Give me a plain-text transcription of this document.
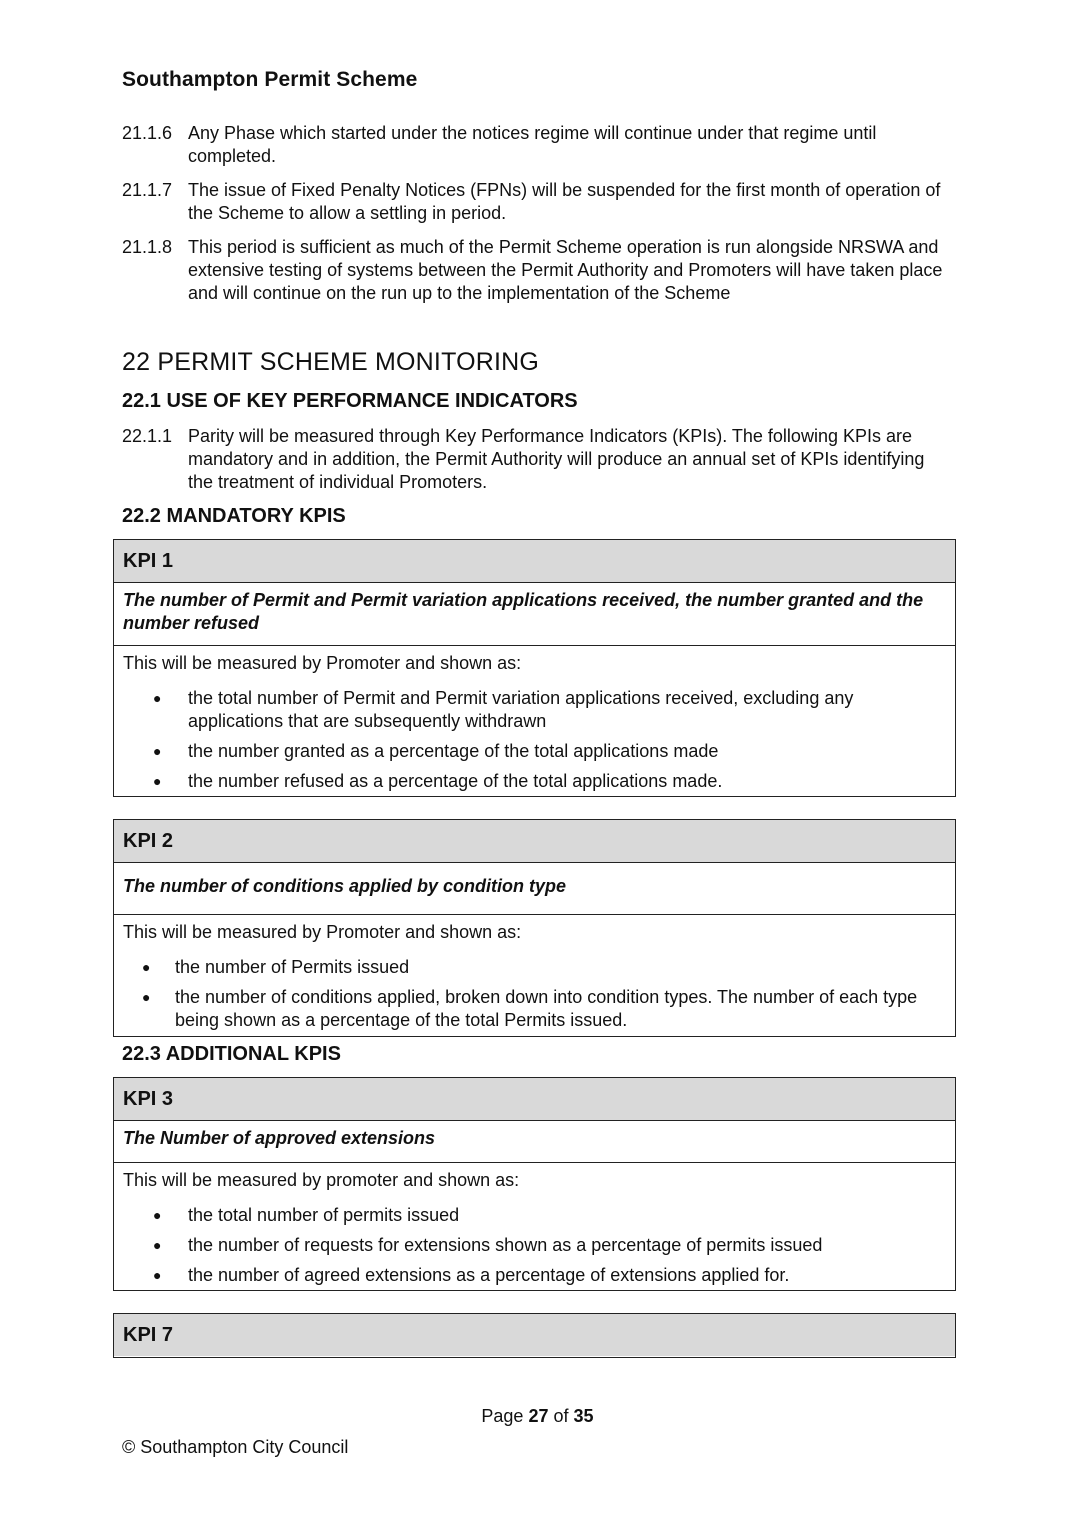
Southampton Permit Scheme
21.1.6 Any Phase which started under the notices regime will continue under that regime until completed.
21.1.7 The issue of Fixed Penalty Notices (FPNs) will be suspended for the first month of operation of the Scheme to allow a settling in period.
21.1.8 This period is sufficient as much of the Permit Scheme operation is run alongside NRSWA and extensive testing of systems between the Permit Authority and Promoters will have taken place and will continue on the run up to the implementation of the Scheme
22 PERMIT SCHEME MONITORING
22.1 USE OF KEY PERFORMANCE INDICATORS
22.1.1 Parity will be measured through Key Performance Indicators (KPIs). The following KPIs are mandatory and in addition, the Permit Authority will produce an annual set of KPIs identifying the treatment of individual Promoters.
22.2 MANDATORY KPIS
KPI 1
The number of Permit and Permit variation applications received, the number granted and the number refused
This will be measured by Promoter and shown as:
● the total number of Permit and Permit variation applications received, excluding any applications that are subsequently withdrawn
● the number granted as a percentage of the total applications made
● the number refused as a percentage of the total applications made.
KPI 2
The number of conditions applied by condition type
This will be measured by Promoter and shown as:
● the number of Permits issued
● the number of conditions applied, broken down into condition types. The number of each type being shown as a percentage of the total Permits issued.
22.3 ADDITIONAL KPIS
KPI 3
The Number of approved extensions
This will be measured by promoter and shown as:
● the total number of permits issued
● the number of requests for extensions shown as a percentage of permits issued
● the number of agreed extensions as a percentage of extensions applied for.
KPI 7
Page 27 of 35
© Southampton City Council
